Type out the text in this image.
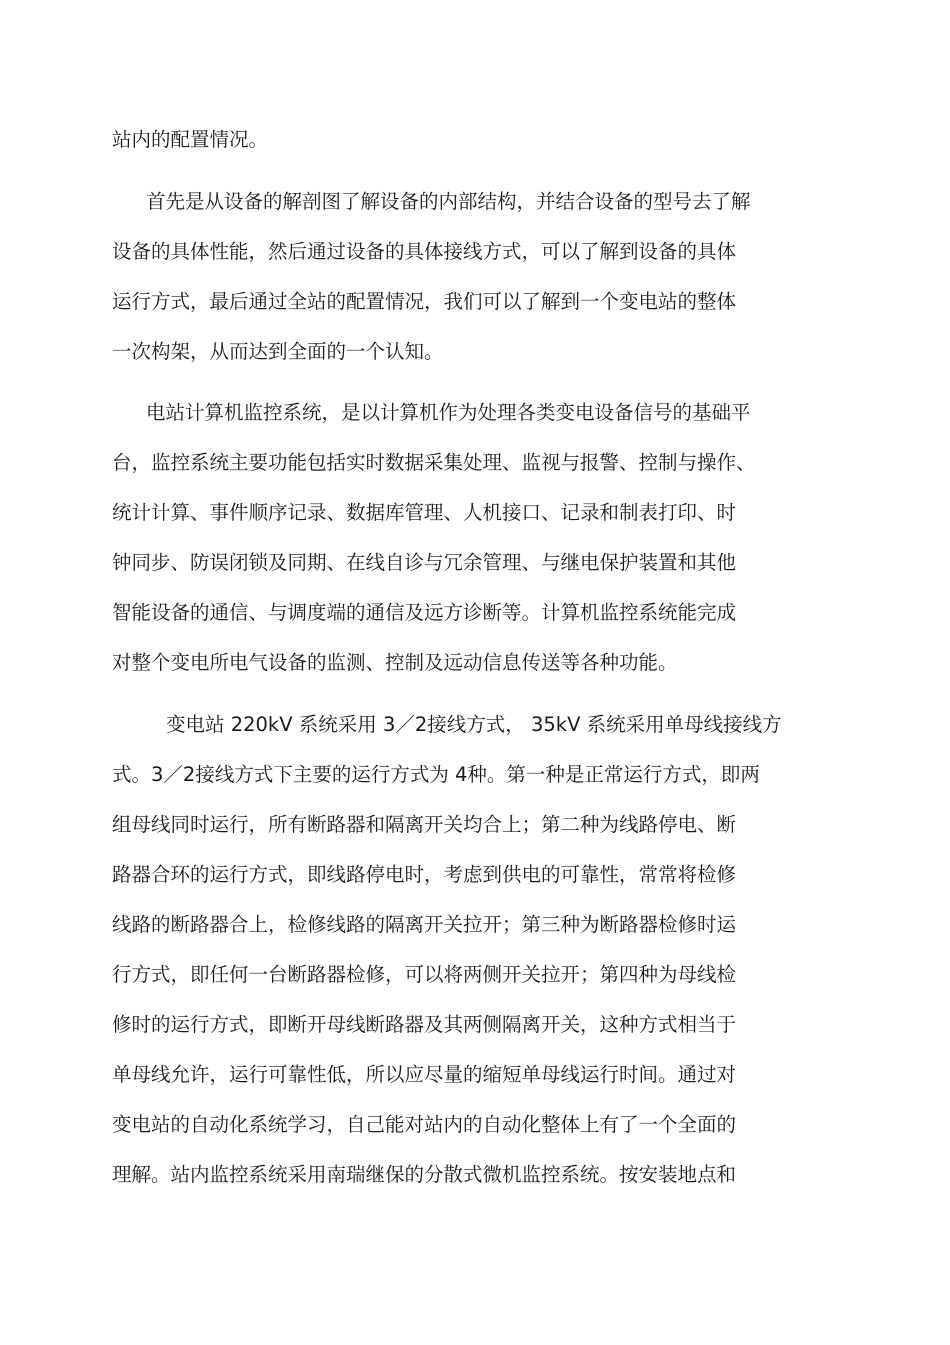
站内的配置情况。
首先是从设备的解剖图了解设备的内部结构，并结合设备的型号去了解
设备的具体性能，然后通过设备的具体接线方式，可以了解到设备的具体
运行方式，最后通过全站的配置情况，我们可以了解到一个变电站的整体
一次构架，从而达到全面的一个认知。
电站计算机监控系统，是以计算机作为处理各类变电设备信号的基础平
台，监控系统主要功能包括实时数据采集处理、监视与报警、控制与操作、
统计计算、事件顺序记录、数据库管理、人机接口、记录和制表打印、时
钟同步、防误闭锁及同期、在线自诊与冗余管理、与继电保护装置和其他
智能设备的通信、与调度端的通信及远方诊断等。计算机监控系统能完成
对整个变电所电气设备的监测、控制及远动信息传送等各种功能。
变电站 220kV 系统采用 3／2接线方式， 35kV 系统采用单母线接线方
式。3／2接线方式下主要的运行方式为 4种。第一种是正常运行方式，即两
组母线同时运行，所有断路器和隔离开关均合上；第二种为线路停电、断
路器合环的运行方式，即线路停电时，考虑到供电的可靠性，常常将检修
线路的断路器合上，检修线路的隔离开关拉开；第三种为断路器检修时运
行方式，即任何一台断路器检修，可以将两侧开关拉开；第四种为母线检
修时的运行方式，即断开母线断路器及其两侧隔离开关，这种方式相当于
单母线允许，运行可靠性低，所以应尽量的缩短单母线运行时间。通过对
变电站的自动化系统学习，自己能对站内的自动化整体上有了一个全面的
理解。站内监控系统采用南瑞继保的分散式微机监控系统。按安装地点和
